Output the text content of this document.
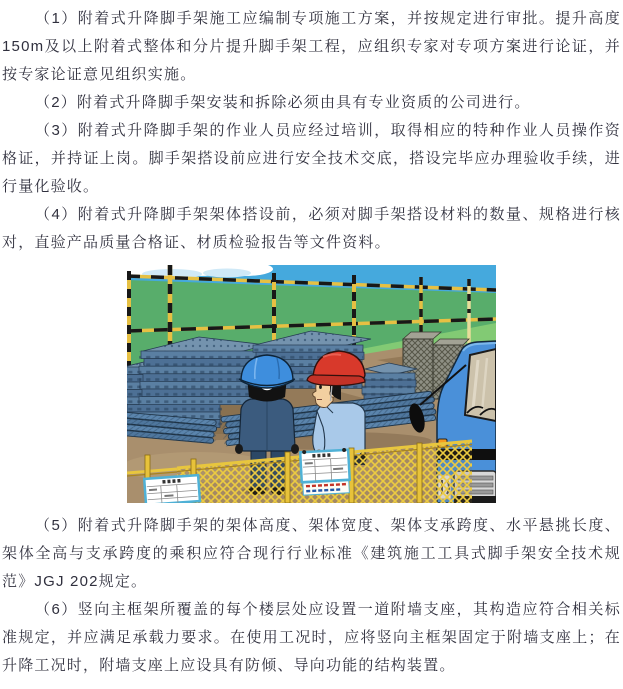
（1）附着式升降脚手架施工应编制专项施工方案，并按规定进行审批。提升高度150m及以上附着式整体和分片提升脚手架工程，应组织专家对专项方案进行论证，并按专家论证意见组织实施。

（2）附着式升降脚手架安装和拆除必须由具有专业资质的公司进行。

（3）附着式升降脚手架的作业人员应经过培训，取得相应的特种作业人员操作资格证，并持证上岗。脚手架搭设前应进行安全技术交底，搭设完毕应办理验收手续，进行量化验收。

（4）附着式升降脚手架架体搭设前，必须对脚手架搭设材料的数量、规格进行核对，直验产品质量合格证、材质检验报告等文件资料。

（5）附着式升降脚手架的架体高度、架体宽度、架体支承跨度、水平悬挑长度、架体全高与支承跨度的乘积应符合现行行业标准《建筑施工工具式脚手架安全技术规范》JGJ 202规定。

（6）竖向主框架所覆盖的每个楼层处应设置一道附墙支座，其构造应符合相关标准规定，并应满足承载力要求。在使用工况时，应将竖向主框架固定于附墙支座上；在升降工况时，附墙支座上应设具有防倾、导向功能的结构装置。
